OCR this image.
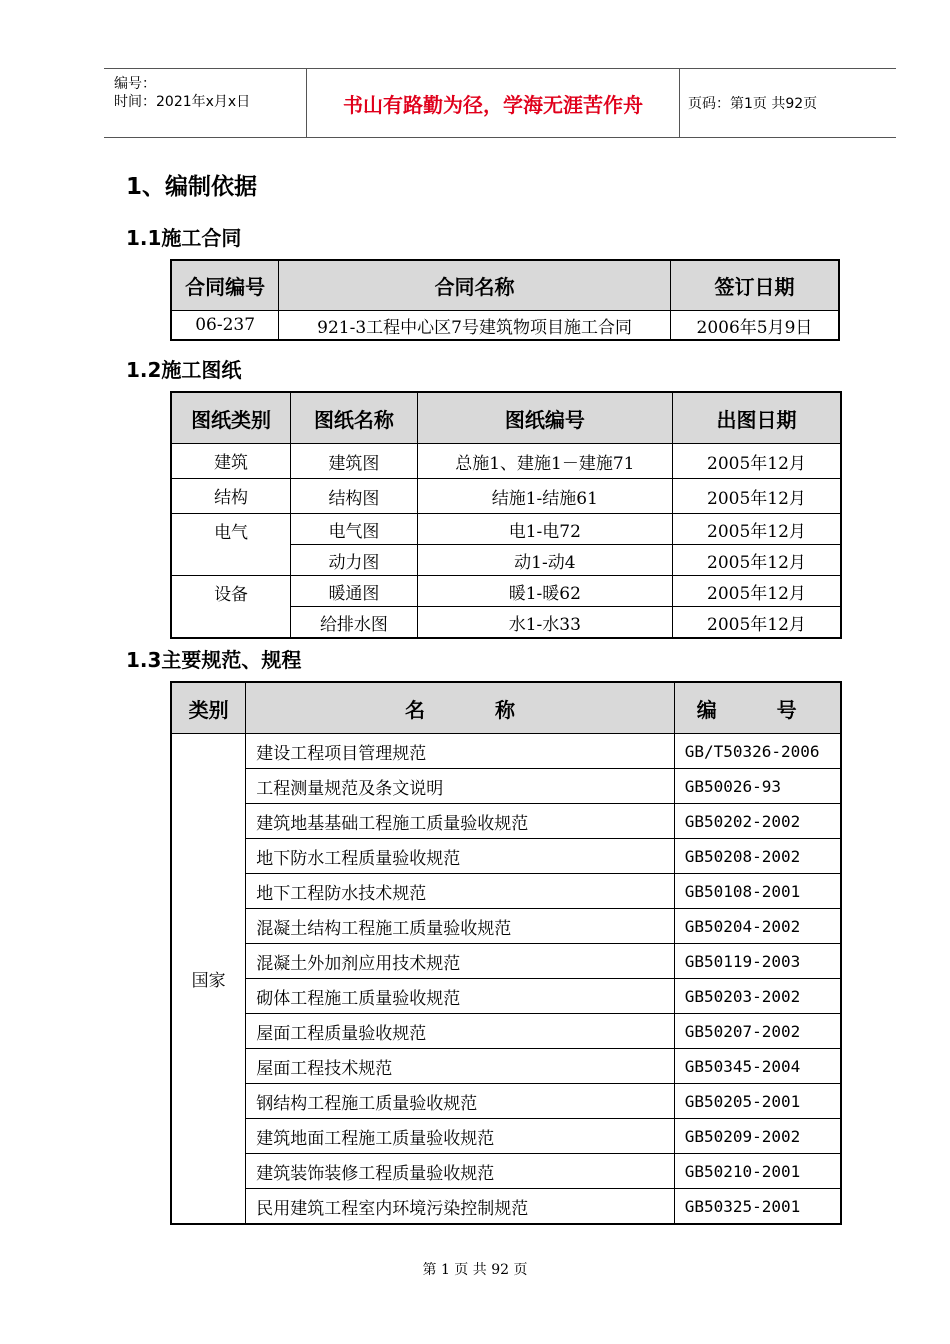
编号：
时间：2021年x月x日	书山有路勤为径，学海无涯苦作舟	页码：第1页 共92页
1、编制依据
1.1施工合同
合同编号	合同名称	签订日期
06-237	921-3工程中心区7号建筑物项目施工合同	2006年5月9日
1.2施工图纸
图纸类别	图纸名称	图纸编号	出图日期
建筑	建筑图	总施1、建施1－建施71	2005年12月
结构	结构图	结施1-结施61	2005年12月
电气	电气图	电1-电72	2005年12月
	动力图	动1-动4	2005年12月
设备	暖通图	暖1-暖62	2005年12月
	给排水图	水1-水33	2005年12月
1.3主要规范、规程
类别	名称	编号
国家	建设工程项目管理规范	GB/T50326-2006
	工程测量规范及条文说明	GB50026-93
	建筑地基基础工程施工质量验收规范	GB50202-2002
	地下防水工程质量验收规范	GB50208-2002
	地下工程防水技术规范	GB50108-2001
	混凝土结构工程施工质量验收规范	GB50204-2002
	混凝土外加剂应用技术规范	GB50119-2003
	砌体工程施工质量验收规范	GB50203-2002
	屋面工程质量验收规范	GB50207-2002
	屋面工程技术规范	GB50345-2004
	钢结构工程施工质量验收规范	GB50205-2001
	建筑地面工程施工质量验收规范	GB50209-2002
	建筑装饰装修工程质量验收规范	GB50210-2001
	民用建筑工程室内环境污染控制规范	GB50325-2001
第 1 页 共 92 页
